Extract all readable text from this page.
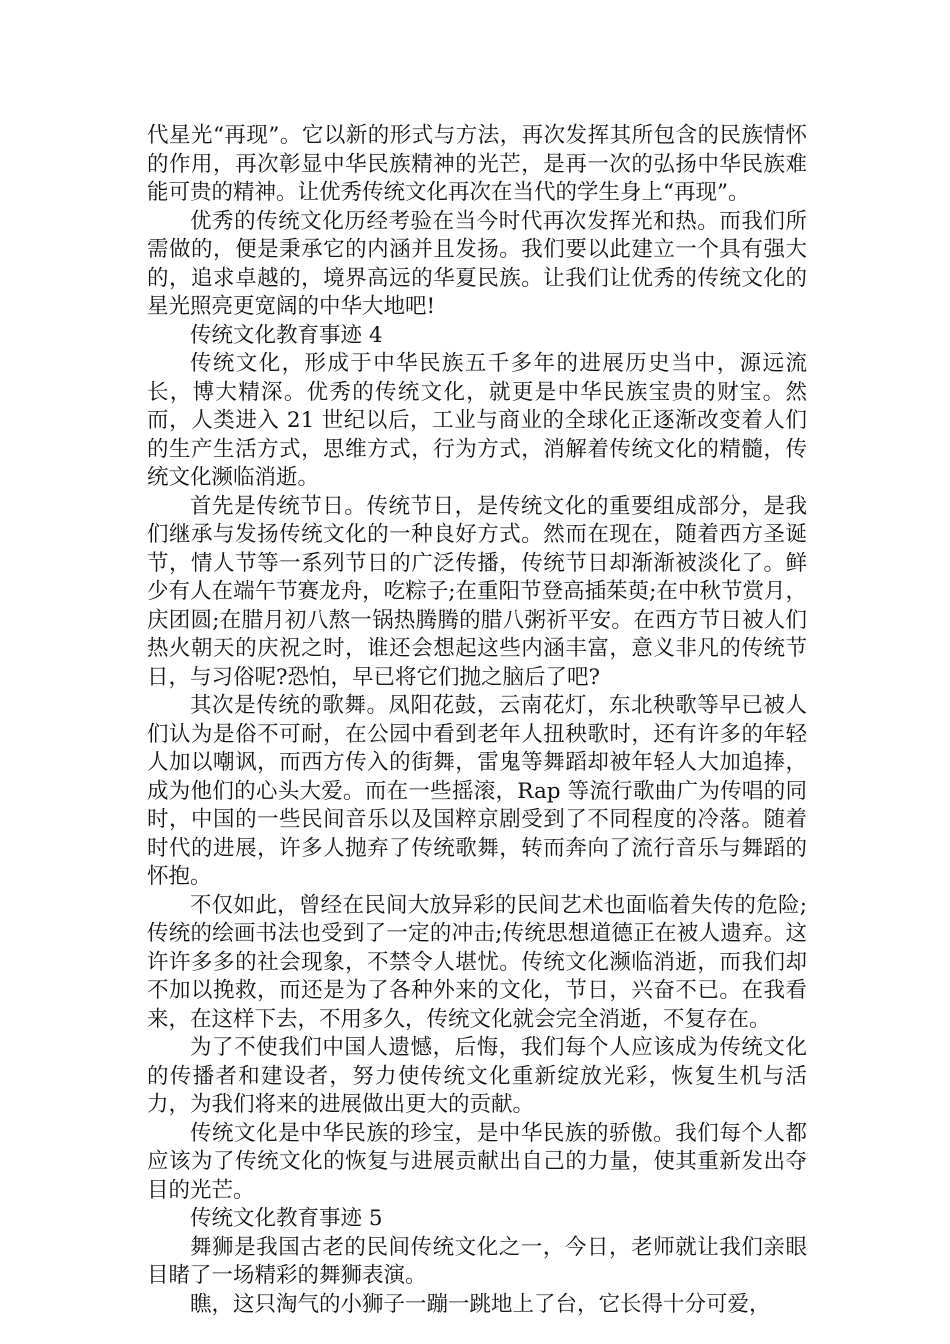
代星光“再现”。它以新的形式与方法，再次发挥其所包含的民族情怀的作用，再次彰显中华民族精神的光芒，是再一次的弘扬中华民族难能可贵的精神。让优秀传统文化再次在当代的学生身上“再现”。

优秀的传统文化历经考验在当今时代再次发挥光和热。而我们所需做的，便是秉承它的内涵并且发扬。我们要以此建立一个具有强大的，追求卓越的，境界高远的华夏民族。让我们让优秀的传统文化的星光照亮更宽阔的中华大地吧!

传统文化教育事迹 4

传统文化，形成于中华民族五千多年的进展历史当中，源远流长，博大精深。优秀的传统文化，就更是中华民族宝贵的财宝。然而，人类进入 21 世纪以后，工业与商业的全球化正逐渐改变着人们的生产生活方式，思维方式，行为方式，消解着传统文化的精髓，传统文化濒临消逝。

首先是传统节日。传统节日，是传统文化的重要组成部分，是我们继承与发扬传统文化的一种良好方式。然而在现在，随着西方圣诞节，情人节等一系列节日的广泛传播，传统节日却渐渐被淡化了。鲜少有人在端午节赛龙舟，吃粽子;在重阳节登高插茱萸;在中秋节赏月，庆团圆;在腊月初八熬一锅热腾腾的腊八粥祈平安。在西方节日被人们热火朝天的庆祝之时，谁还会想起这些内涵丰富，意义非凡的传统节日，与习俗呢?恐怕，早已将它们抛之脑后了吧?

其次是传统的歌舞。凤阳花鼓，云南花灯，东北秧歌等早已被人们认为是俗不可耐，在公园中看到老年人扭秧歌时，还有许多的年轻人加以嘲讽，而西方传入的街舞，雷鬼等舞蹈却被年轻人大加追捧，成为他们的心头大爱。而在一些摇滚，Rap 等流行歌曲广为传唱的同时，中国的一些民间音乐以及国粹京剧受到了不同程度的冷落。随着时代的进展，许多人抛弃了传统歌舞，转而奔向了流行音乐与舞蹈的怀抱。

不仅如此，曾经在民间大放异彩的民间艺术也面临着失传的危险;传统的绘画书法也受到了一定的冲击;传统思想道德正在被人遗弃。这许许多多的社会现象，不禁令人堪忧。传统文化濒临消逝，而我们却不加以挽救，而还是为了各种外来的文化，节日，兴奋不已。在我看来，在这样下去，不用多久，传统文化就会完全消逝，不复存在。

为了不使我们中国人遗憾，后悔，我们每个人应该成为传统文化的传播者和建设者，努力使传统文化重新绽放光彩，恢复生机与活力，为我们将来的进展做出更大的贡献。

传统文化是中华民族的珍宝，是中华民族的骄傲。我们每个人都应该为了传统文化的恢复与进展贡献出自己的力量，使其重新发出夺目的光芒。

传统文化教育事迹 5

舞狮是我国古老的民间传统文化之一，今日，老师就让我们亲眼目睹了一场精彩的舞狮表演。

瞧，这只淘气的小狮子一蹦一跳地上了台，它长得十分可爱，
